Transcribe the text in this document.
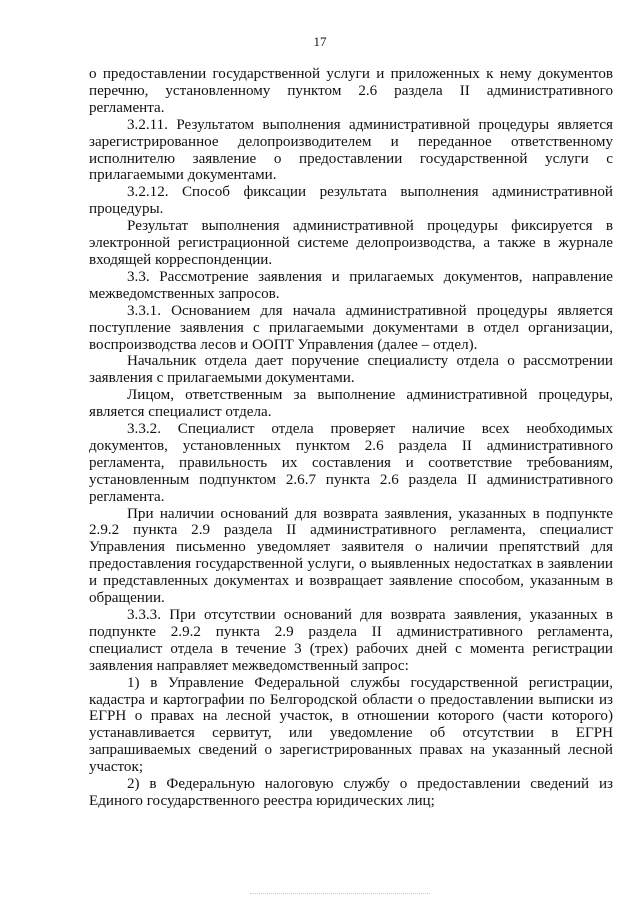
17

о предоставлении государственной услуги и приложенных к нему документов перечню, установленному пунктом 2.6 раздела II административного регламента.

3.2.11. Результатом выполнения административной процедуры является зарегистрированное делопроизводителем и переданное ответственному исполнителю заявление о предоставлении государственной услуги с прилагаемыми документами.

3.2.12. Способ фиксации результата выполнения административной процедуры.

Результат выполнения административной процедуры фиксируется в электронной регистрационной системе делопроизводства, а также в журнале входящей корреспонденции.

3.3. Рассмотрение заявления и прилагаемых документов, направление межведомственных запросов.

3.3.1. Основанием для начала административной процедуры является поступление заявления с прилагаемыми документами в отдел организации, воспроизводства лесов и ООПТ Управления (далее – отдел).

Начальник отдела дает поручение специалисту отдела о рассмотрении заявления с прилагаемыми документами.

Лицом, ответственным за выполнение административной процедуры, является специалист отдела.

3.3.2. Специалист отдела проверяет наличие всех необходимых документов, установленных пунктом 2.6 раздела II административного регламента, правильность их составления и соответствие требованиям, установленным подпунктом 2.6.7 пункта 2.6 раздела II административного регламента.

При наличии оснований для возврата заявления, указанных в подпункте 2.9.2 пункта 2.9 раздела II административного регламента, специалист Управления письменно уведомляет заявителя о наличии препятствий для предоставления государственной услуги, о выявленных недостатках в заявлении и представленных документах и возвращает заявление способом, указанным в обращении.

3.3.3. При отсутствии оснований для возврата заявления, указанных в подпункте 2.9.2 пункта 2.9 раздела II административного регламента, специалист отдела в течение 3 (трех) рабочих дней с момента регистрации заявления направляет межведомственный запрос:

1) в Управление Федеральной службы государственной регистрации, кадастра и картографии по Белгородской области о предоставлении выписки из ЕГРН о правах на лесной участок, в отношении которого (части которого) устанавливается сервитут, или уведомление об отсутствии в ЕГРН запрашиваемых сведений о зарегистрированных правах на указанный лесной участок;

2) в Федеральную налоговую службу о предоставлении сведений из Единого государственного реестра юридических лиц;
